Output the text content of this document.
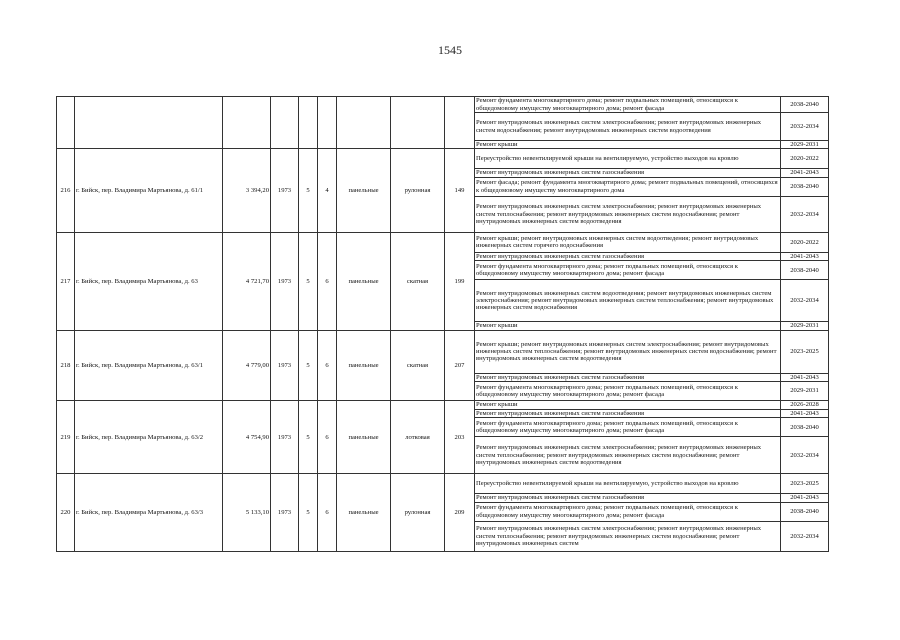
1545
									Ремонт фундамента многоквартирного дома; ремонт подвальных помещений, относящихся к общедомовому имуществу многоквартирного дома; ремонт фасада	2038-2040
									Ремонт внутридомовых инженерных систем электроснабжения; ремонт внутридомовых инженерных систем водоснабжения; ремонт внутридомовых инженерных систем водоотведения	2032-2034
									Ремонт крыши	2029-2031
216	г. Бийск, пер. Владимира Мартьянова, д. 61/1	3 394,20	1973	5	4	панельные	рулонная	149	Переустройство невентилируемой крыши на вентилируемую, устройство выходов на кровлю	2020-2022
									Ремонт внутридомовых инженерных систем газоснабжения	2041-2043
									Ремонт фасада; ремонт фундамента многоквартирного дома; ремонт подвальных помещений, относящихся к общедомовому имуществу многоквартирного дома	2038-2040
									Ремонт внутридомовых инженерных систем электроснабжения; ремонт внутридомовых инженерных систем теплоснабжения; ремонт внутридомовых инженерных систем водоснабжения; ремонт внутридомовых инженерных систем водоотведения	2032-2034
217	г. Бийск, пер. Владимира Мартьянова, д. 63	4 721,70	1973	5	6	панельные	скатная	199	Ремонт крыши; ремонт внутридомовых инженерных систем водоотведения; ремонт внутридомовых инженерных систем горячего водоснабжения	2020-2022
									Ремонт внутридомовых инженерных систем газоснабжения	2041-2043
									Ремонт фундамента многоквартирного дома; ремонт подвальных помещений, относящихся к общедомовому имуществу многоквартирного дома; ремонт фасада	2038-2040
									Ремонт внутридомовых инженерных систем водоотведения; ремонт внутридомовых инженерных систем электроснабжения; ремонт внутридомовых инженерных систем теплоснабжения; ремонт внутридомовых инженерных систем водоснабжения	2032-2034
									Ремонт крыши	2029-2031
218	г. Бийск, пер. Владимира Мартьянова, д. 63/1	4 779,00	1973	5	6	панельные	скатная	207	Ремонт крыши; ремонт внутридомовых инженерных систем электроснабжения; ремонт внутридомовых инженерных систем теплоснабжения; ремонт внутридомовых инженерных систем водоснабжения; ремонт внутридомовых инженерных систем водоотведения	2023-2025
									Ремонт внутридомовых инженерных систем газоснабжения	2041-2043
									Ремонт фундамента многоквартирного дома; ремонт подвальных помещений, относящихся к общедомовому имуществу многоквартирного дома; ремонт фасада	2029-2031
219	г. Бийск, пер. Владимира Мартьянова, д. 63/2	4 754,90	1973	5	6	панельные	лотковая	203	Ремонт крыши	2026-2028
									Ремонт внутридомовых инженерных систем газоснабжения	2041-2043
									Ремонт фундамента многоквартирного дома; ремонт подвальных помещений, относящихся к общедомовому имуществу многоквартирного дома; ремонт фасада	2038-2040
									Ремонт внутридомовых инженерных систем электроснабжения; ремонт внутридомовых инженерных систем теплоснабжения; ремонт внутридомовых инженерных систем водоснабжения; ремонт внутридомовых инженерных систем водоотведения	2032-2034
220	г. Бийск, пер. Владимира Мартьянова, д. 63/3	5 133,10	1973	5	6	панельные	рулонная	209	Переустройство невентилируемой крыши на вентилируемую, устройство выходов на кровлю	2023-2025
									Ремонт внутридомовых инженерных систем газоснабжения	2041-2043
									Ремонт фундамента многоквартирного дома; ремонт подвальных помещений, относящихся к общедомовому имуществу многоквартирного дома; ремонт фасада	2038-2040
									Ремонт внутридомовых инженерных систем электроснабжения; ремонт внутридомовых инженерных систем теплоснабжения; ремонт внутридомовых инженерных систем водоснабжения; ремонт внутридомовых инженерных систем	2032-2034
